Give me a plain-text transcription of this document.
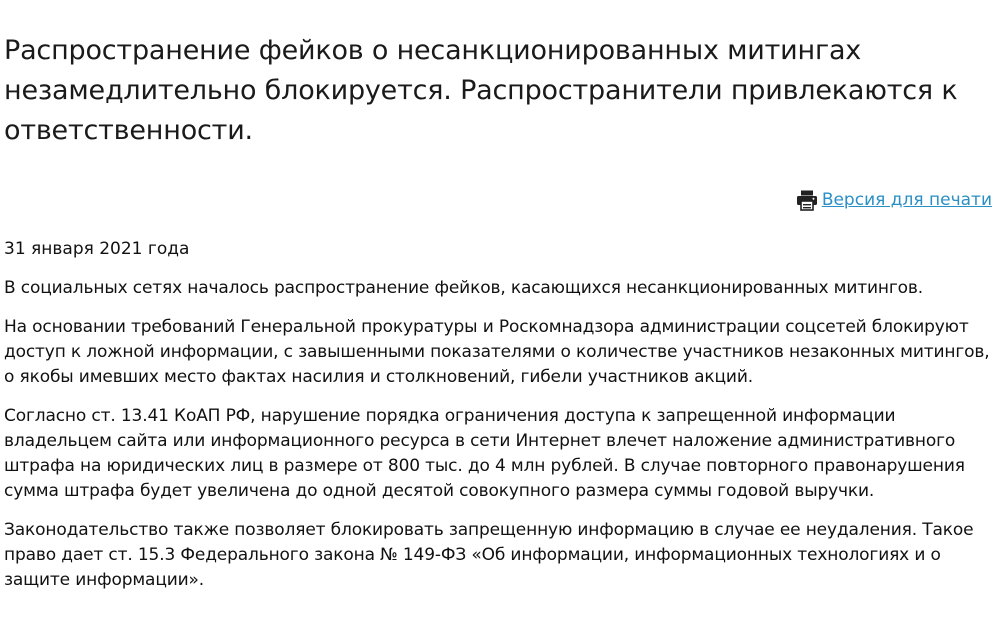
Распространение фейков о несанкционированных митингах незамедлительно блокируется. Распространители привлекаются к ответственности.
Версия для печати

31 января 2021 года

В социальных сетях началось распространение фейков, касающихся несанкционированных митингов.

На основании требований Генеральной прокуратуры и Роскомнадзора администрации соцсетей блокируют доступ к ложной информации, с завышенными показателями о количестве участников незаконных митингов, о якобы имевших место фактах насилия и столкновений, гибели участников акций.

Согласно ст. 13.41 КоАП РФ, нарушение порядка ограничения доступа к запрещенной информации владельцем сайта или информационного ресурса в сети Интернет влечет наложение административного штрафа на юридических лиц в размере от 800 тыс. до 4 млн рублей. В случае повторного правонарушения сумма штрафа будет увеличена до одной десятой совокупного размера суммы годовой выручки.

Законодательство также позволяет блокировать запрещенную информацию в случае ее неудаления. Такое право дает ст. 15.3 Федерального закона № 149-ФЗ «Об информации, информационных технологиях и о защите информации».
